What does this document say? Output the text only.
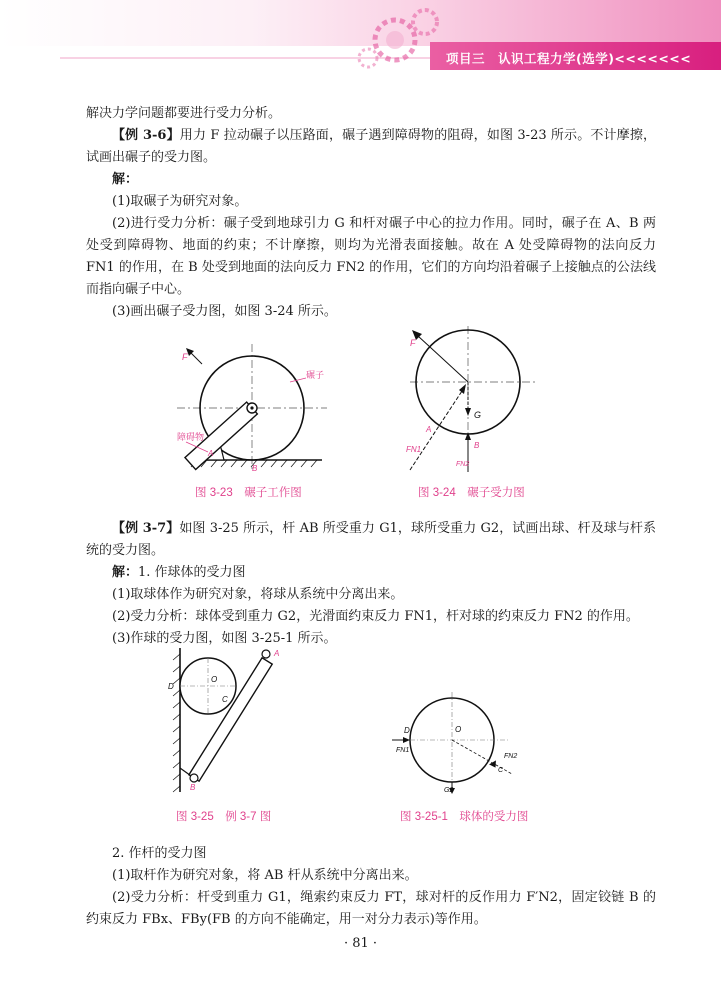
项目三　认识工程力学(选学)<<<<<<<

解决力学问题都要进行受力分析。

【例 3-6】用力 F 拉动碾子以压路面，碾子遇到障碍物的阻碍，如图 3-23 所示。不计摩擦，试画出碾子的受力图。

解：

(1)取碾子为研究对象。

(2)进行受力分析：碾子受到地球引力 G 和杆对碾子中心的拉力作用。同时，碾子在 A、B 两处受到障碍物、地面的约束；不计摩擦，则均为光滑表面接触。故在 A 处受障碍物的法向反力 FN1 的作用，在 B 处受到地面的法向反力 FN2 的作用，它们的方向均沿着碾子上接触点的公法线而指向碾子中心。

(3)画出碾子受力图，如图 3-24 所示。

F
碾子
障碍物
A
B
图 3-23　碾子工作图
F
G
FN1
A
B
FN2
图 3-24　碾子受力图

【例 3-7】如图 3-25 所示，杆 AB 所受重力 G1，球所受重力 G2，试画出球、杆及球与杆系统的受力图。

解：1. 作球体的受力图

(1)取球体作为研究对象，将球从系统中分离出来。

(2)受力分析：球体受到重力 G2，光滑面约束反力 FN1，杆对球的约束反力 FN2 的作用。

(3)作球的受力图，如图 3-25-1 所示。

A
B
C
D
O
图 3-25　例 3-7 图
D
FN1
O
FN2
C
G2
图 3-25-1　球体的受力图

2. 作杆的受力图

(1)取杆作为研究对象，将 AB 杆从系统中分离出来。

(2)受力分析：杆受到重力 G1，绳索约束反力 FT，球对杆的反作用力 F′N2，固定铰链 B 的约束反力 FBx、FBy(FB 的方向不能确定，用一对分力表示)等作用。

· 81 ·
